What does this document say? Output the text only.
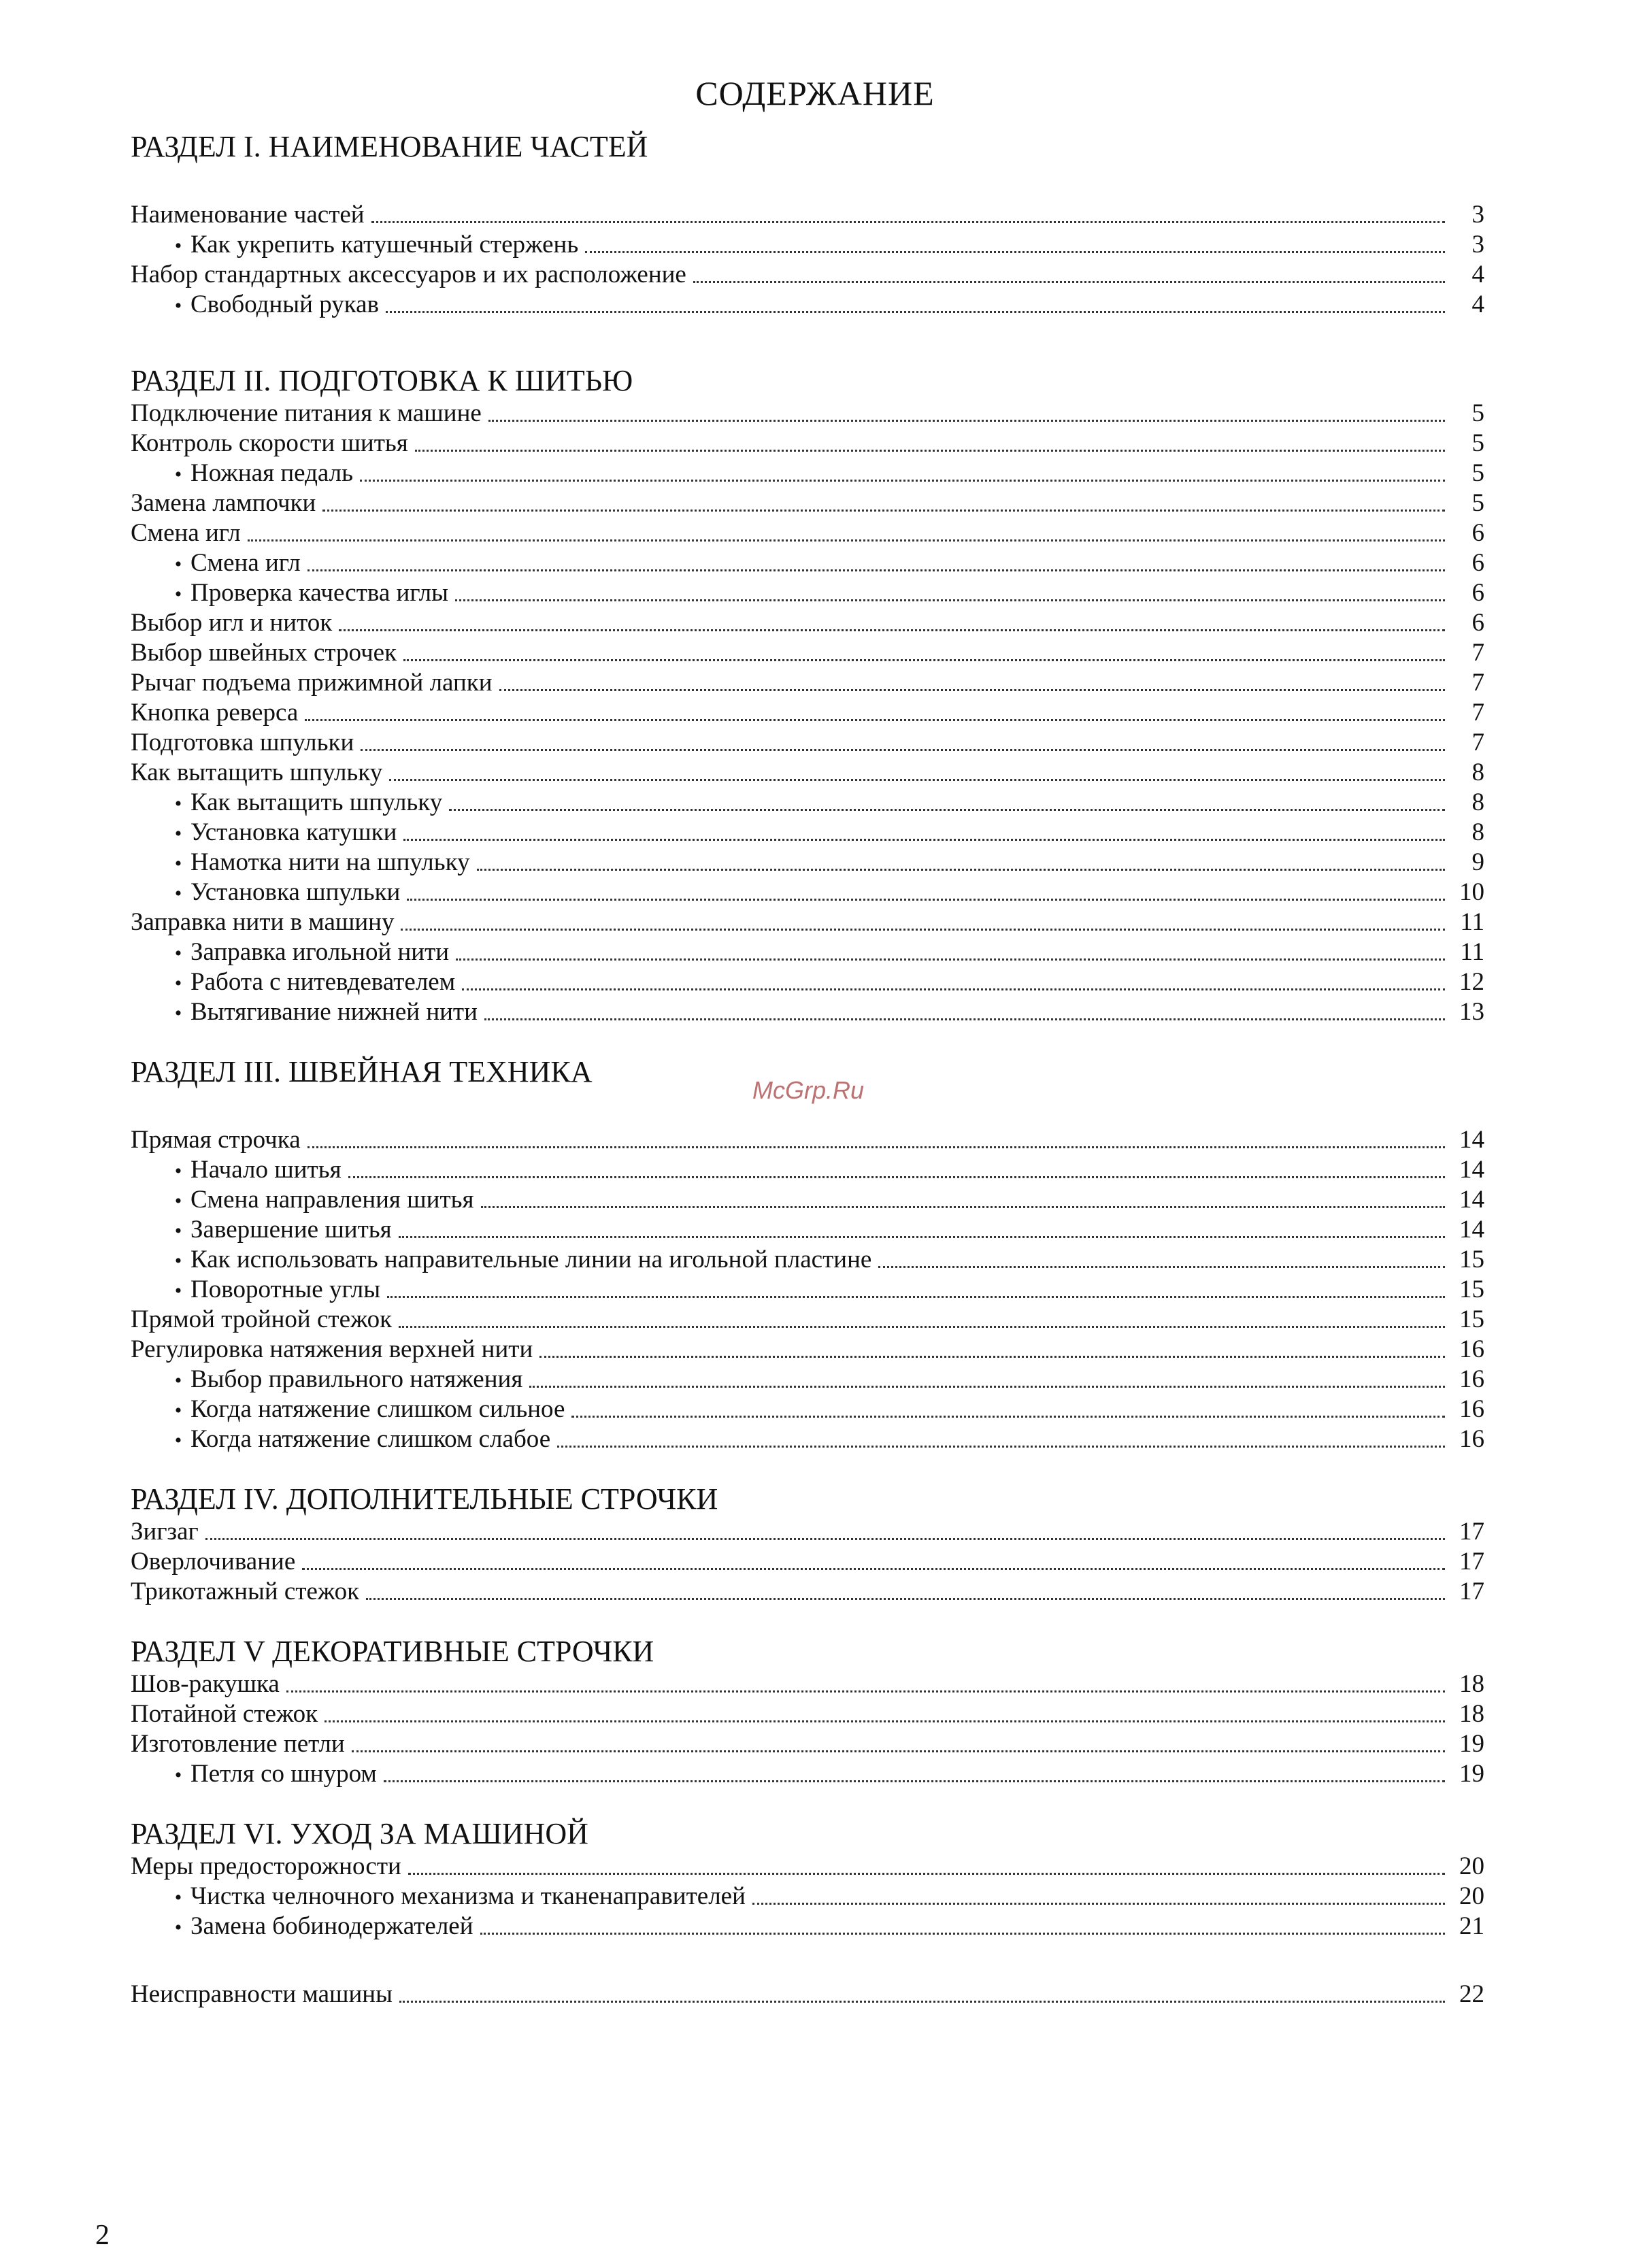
СОДЕРЖАНИЕ
РАЗДЕЛ I. НАИМЕНОВАНИЕ ЧАСТЕЙ
Наименование частей	3
• Как укрепить катушечный стержень	3
Набор стандартных аксессуаров и их расположение	4
• Свободный рукав	4
РАЗДЕЛ II. ПОДГОТОВКА К ШИТЬЮ
Подключение питания к машине	5
Контроль скорости шитья	5
• Ножная педаль	5
Замена лампочки	5
Смена игл	6
• Смена игл	6
• Проверка качества иглы	6
Выбор игл и ниток	6
Выбор швейных строчек	7
Рычаг подъема прижимной лапки	7
Кнопка реверса	7
Подготовка шпульки	7
Как вытащить шпульку	8
• Как вытащить шпульку	8
• Установка катушки	8
• Намотка нити на шпульку	9
• Установка шпульки	10
Заправка нити в машину	11
• Заправка игольной нити	11
• Работа с нитевдевателем	12
• Вытягивание нижней нити	13
РАЗДЕЛ III. ШВЕЙНАЯ ТЕХНИКА
Прямая строчка	14
• Начало шитья	14
• Смена направления шитья	14
• Завершение шитья	14
• Как использовать направительные линии на игольной пластине	15
• Поворотные углы	15
Прямой тройной стежок	15
Регулировка натяжения верхней нити	16
• Выбор правильного натяжения	16
• Когда натяжение слишком сильное	16
• Когда натяжение слишком слабое	16
РАЗДЕЛ IV. ДОПОЛНИТЕЛЬНЫЕ СТРОЧКИ
Зигзаг	17
Оверлочивание	17
Трикотажный стежок	17
РАЗДЕЛ V ДЕКОРАТИВНЫЕ СТРОЧКИ
Шов-ракушка	18
Потайной стежок	18
Изготовление петли	19
• Петля со шнуром	19
РАЗДЕЛ VI. УХОД ЗА МАШИНОЙ
Меры предосторожности	20
• Чистка челночного механизма и тканенаправителей	20
• Замена бобинодержателей	21
Неисправности машины	22
McGrp.Ru
2
